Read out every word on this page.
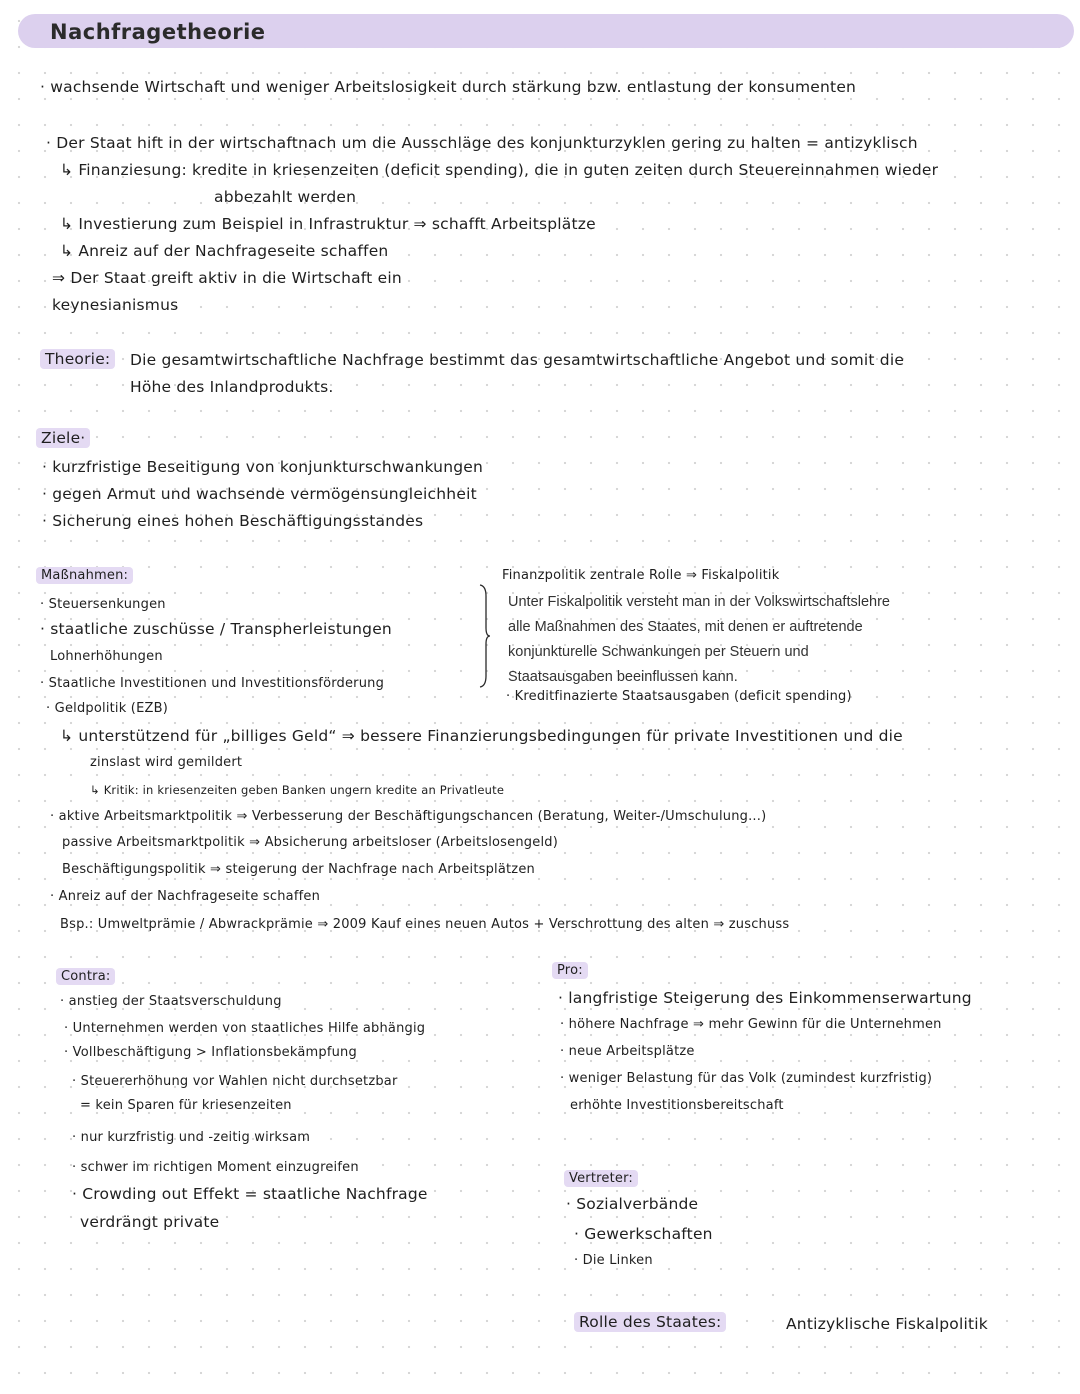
Nachfragetheorie
· wachsende Wirtschaft und weniger Arbeitslosigkeit durch stärkung bzw. entlastung der konsumenten
· Der Staat hift in der wirtschaftnach um die Ausschläge des konjunkturzyklen gering zu halten = antizyklisch
↳ Finanziesung: kredite in kriesenzeiten (deficit spending), die in guten zeiten durch Steuereinnahmen wieder
abbezahlt werden
↳ Investierung zum Beispiel in Infrastruktur ⇒ schafft Arbeitsplätze
↳ Anreiz auf der Nachfrageseite schaffen
⇒ Der Staat greift aktiv in die Wirtschaft ein
keynesianismus
Theorie:	Die gesamtwirtschaftliche Nachfrage bestimmt das gesamtwirtschaftliche Angebot und somit die
Höhe des Inlandprodukts.
Ziele·
· kurzfristige Beseitigung von konjunkturschwankungen
· gegen Armut und wachsende vermögensungleichheit
· Sicherung eines hohen Beschäftigungsstandes
Maßnahmen:
· Steuersenkungen
· staatliche zuschüsse / Transpherleistungen
Lohnerhöhungen
· Staatliche Investitionen und Investitionsförderung
· Geldpolitik (EZB)
↳ unterstützend für „billiges Geld“ ⇒ bessere Finanzierungsbedingungen für private Investitionen und die
zinslast wird gemildert
↳ Kritik: in kriesenzeiten geben Banken ungern kredite an Privatleute
· aktive Arbeitsmarktpolitik ⇒ Verbesserung der Beschäftigungschancen (Beratung, Weiter-/Umschulung...)
passive Arbeitsmarktpolitik ⇒ Absicherung arbeitsloser (Arbeitslosengeld)
Beschäftigungspolitik ⇒ steigerung der Nachfrage nach Arbeitsplätzen
· Anreiz auf der Nachfrageseite schaffen
Bsp.: Umweltprämie / Abwrackprämie ⇒ 2009 Kauf eines neuen Autos + Verschrottung des alten ⇒ zuschuss
Finanzpolitik zentrale Rolle ⇒ Fiskalpolitik
Unter Fiskalpolitik versteht man in der Volkswirtschaftslehre
alle Maßnahmen des Staates, mit denen er auftretende
konjunkturelle Schwankungen per Steuern und
Staatsausgaben beeinflussen kann.
· Kreditfinazierte Staatsausgaben (deficit spending)
Contra:
· anstieg der Staatsverschuldung
· Unternehmen werden von staatliches Hilfe abhängig
· Vollbeschäftigung > Inflationsbekämpfung
· Steuererhöhung vor Wahlen nicht durchsetzbar
= kein Sparen für kriesenzeiten
· nur kurzfristig und -zeitig wirksam
· schwer im richtigen Moment einzugreifen
· Crowding out Effekt = staatliche Nachfrage
verdrängt private
Pro:
· langfristige Steigerung des Einkommenserwartung
· höhere Nachfrage ⇒ mehr Gewinn für die Unternehmen
· neue Arbeitsplätze
· weniger Belastung für das Volk (zumindest kurzfristig)
erhöhte Investitionsbereitschaft
Vertreter:
· Sozialverbände
· Gewerkschaften
· Die Linken
Rolle des Staates:	Antizyklische Fiskalpolitik
